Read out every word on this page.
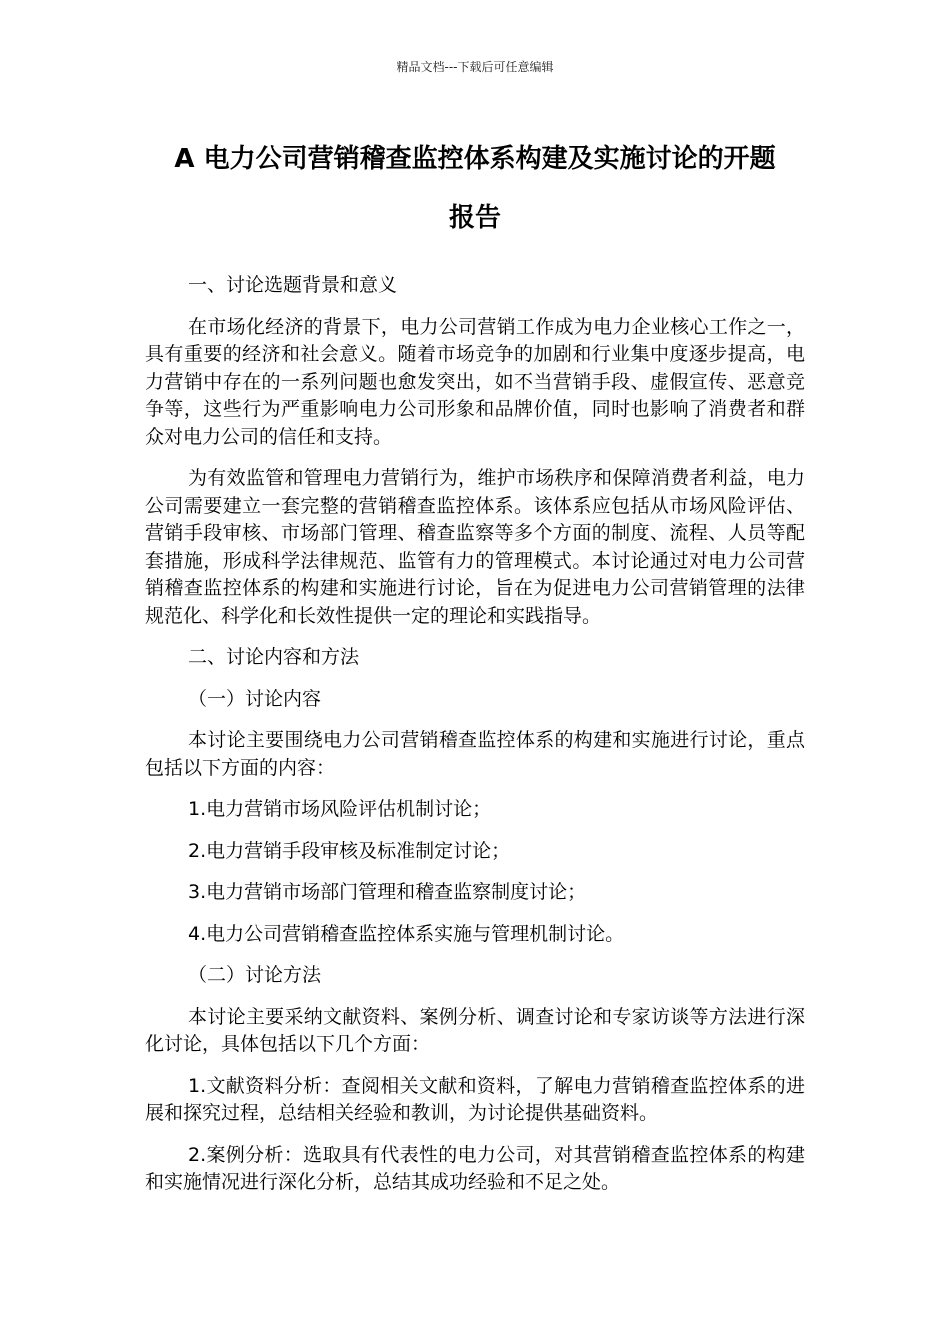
精品文档---下载后可任意编辑
A 电力公司营销稽查监控体系构建及实施讨论的开题
报告
一、讨论选题背景和意义
在市场化经济的背景下，电力公司营销工作成为电力企业核心工作之一，具有重要的经济和社会意义。随着市场竞争的加剧和行业集中度逐步提高，电力营销中存在的一系列问题也愈发突出，如不当营销手段、虚假宣传、恶意竞争等，这些行为严重影响电力公司形象和品牌价值，同时也影响了消费者和群众对电力公司的信任和支持。
为有效监管和管理电力营销行为，维护市场秩序和保障消费者利益，电力公司需要建立一套完整的营销稽查监控体系。该体系应包括从市场风险评估、营销手段审核、市场部门管理、稽查监察等多个方面的制度、流程、人员等配套措施，形成科学法律规范、监管有力的管理模式。本讨论通过对电力公司营销稽查监控体系的构建和实施进行讨论，旨在为促进电力公司营销管理的法律规范化、科学化和长效性提供一定的理论和实践指导。
二、讨论内容和方法
（一）讨论内容
本讨论主要围绕电力公司营销稽查监控体系的构建和实施进行讨论，重点包括以下方面的内容：
1.电力营销市场风险评估机制讨论；
2.电力营销手段审核及标准制定讨论；
3.电力营销市场部门管理和稽查监察制度讨论；
4.电力公司营销稽查监控体系实施与管理机制讨论。
（二）讨论方法
本讨论主要采纳文献资料、案例分析、调查讨论和专家访谈等方法进行深化讨论，具体包括以下几个方面：
1.文献资料分析：查阅相关文献和资料，了解电力营销稽查监控体系的进展和探究过程，总结相关经验和教训，为讨论提供基础资料。
2.案例分析：选取具有代表性的电力公司，对其营销稽查监控体系的构建和实施情况进行深化分析，总结其成功经验和不足之处。
